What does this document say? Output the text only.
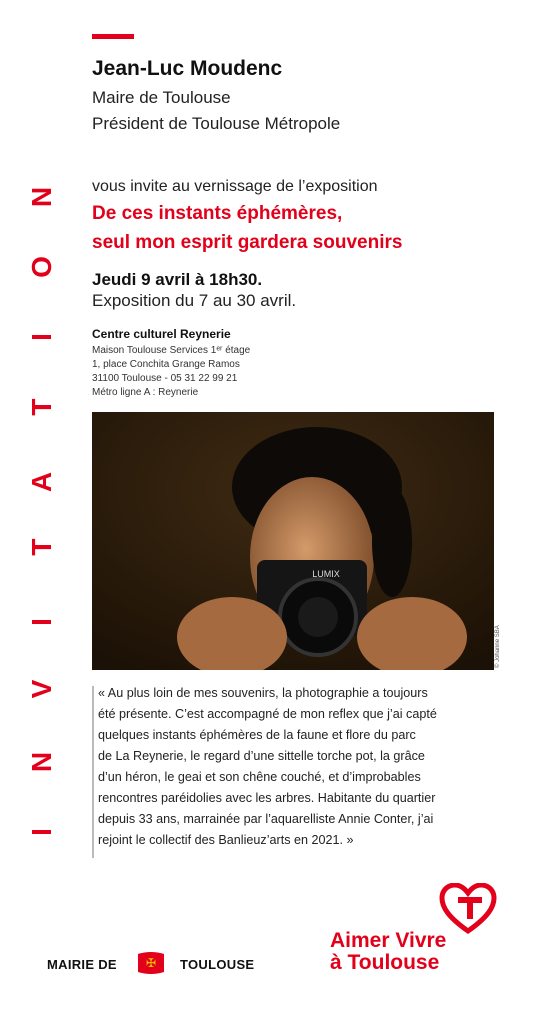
Jean-Luc Moudenc
Maire de Toulouse
Président de Toulouse Métropole
I
N
V
I
T
A
T
I
O
N
vous invite au vernissage de l’exposition
De ces instants éphémères,
seul mon esprit gardera souvenirs
Jeudi 9 avril à 18h30.
Exposition du 7 au 30 avril.
Centre culturel Reynerie
Maison Toulouse Services 1ᵉʳ étage
1, place Conchita Grange Ramos
31100 Toulouse - 05 31 22 99 21
Métro ligne A : Reynerie
LUMIX
© Johanne SBA
« Au plus loin de mes souvenirs, la photographie a toujours
été présente. C’est accompagné de mon reflex que j’ai capté
quelques instants éphémères de la faune et flore du parc
de La Reynerie, le regard d’une sittelle torche pot, la grâce
d’un héron, le geai et son chêne couché, et d’improbables
rencontres paréidolies avec les arbres. Habitante du quartier
depuis 33 ans, marrainée par l’aquarelliste Annie Conter, j’ai
rejoint le collectif des Banlieuz’arts en 2021. »
MAIRIE DE ✠ TOULOUSE
Aimer Vivre
à Toulouse
